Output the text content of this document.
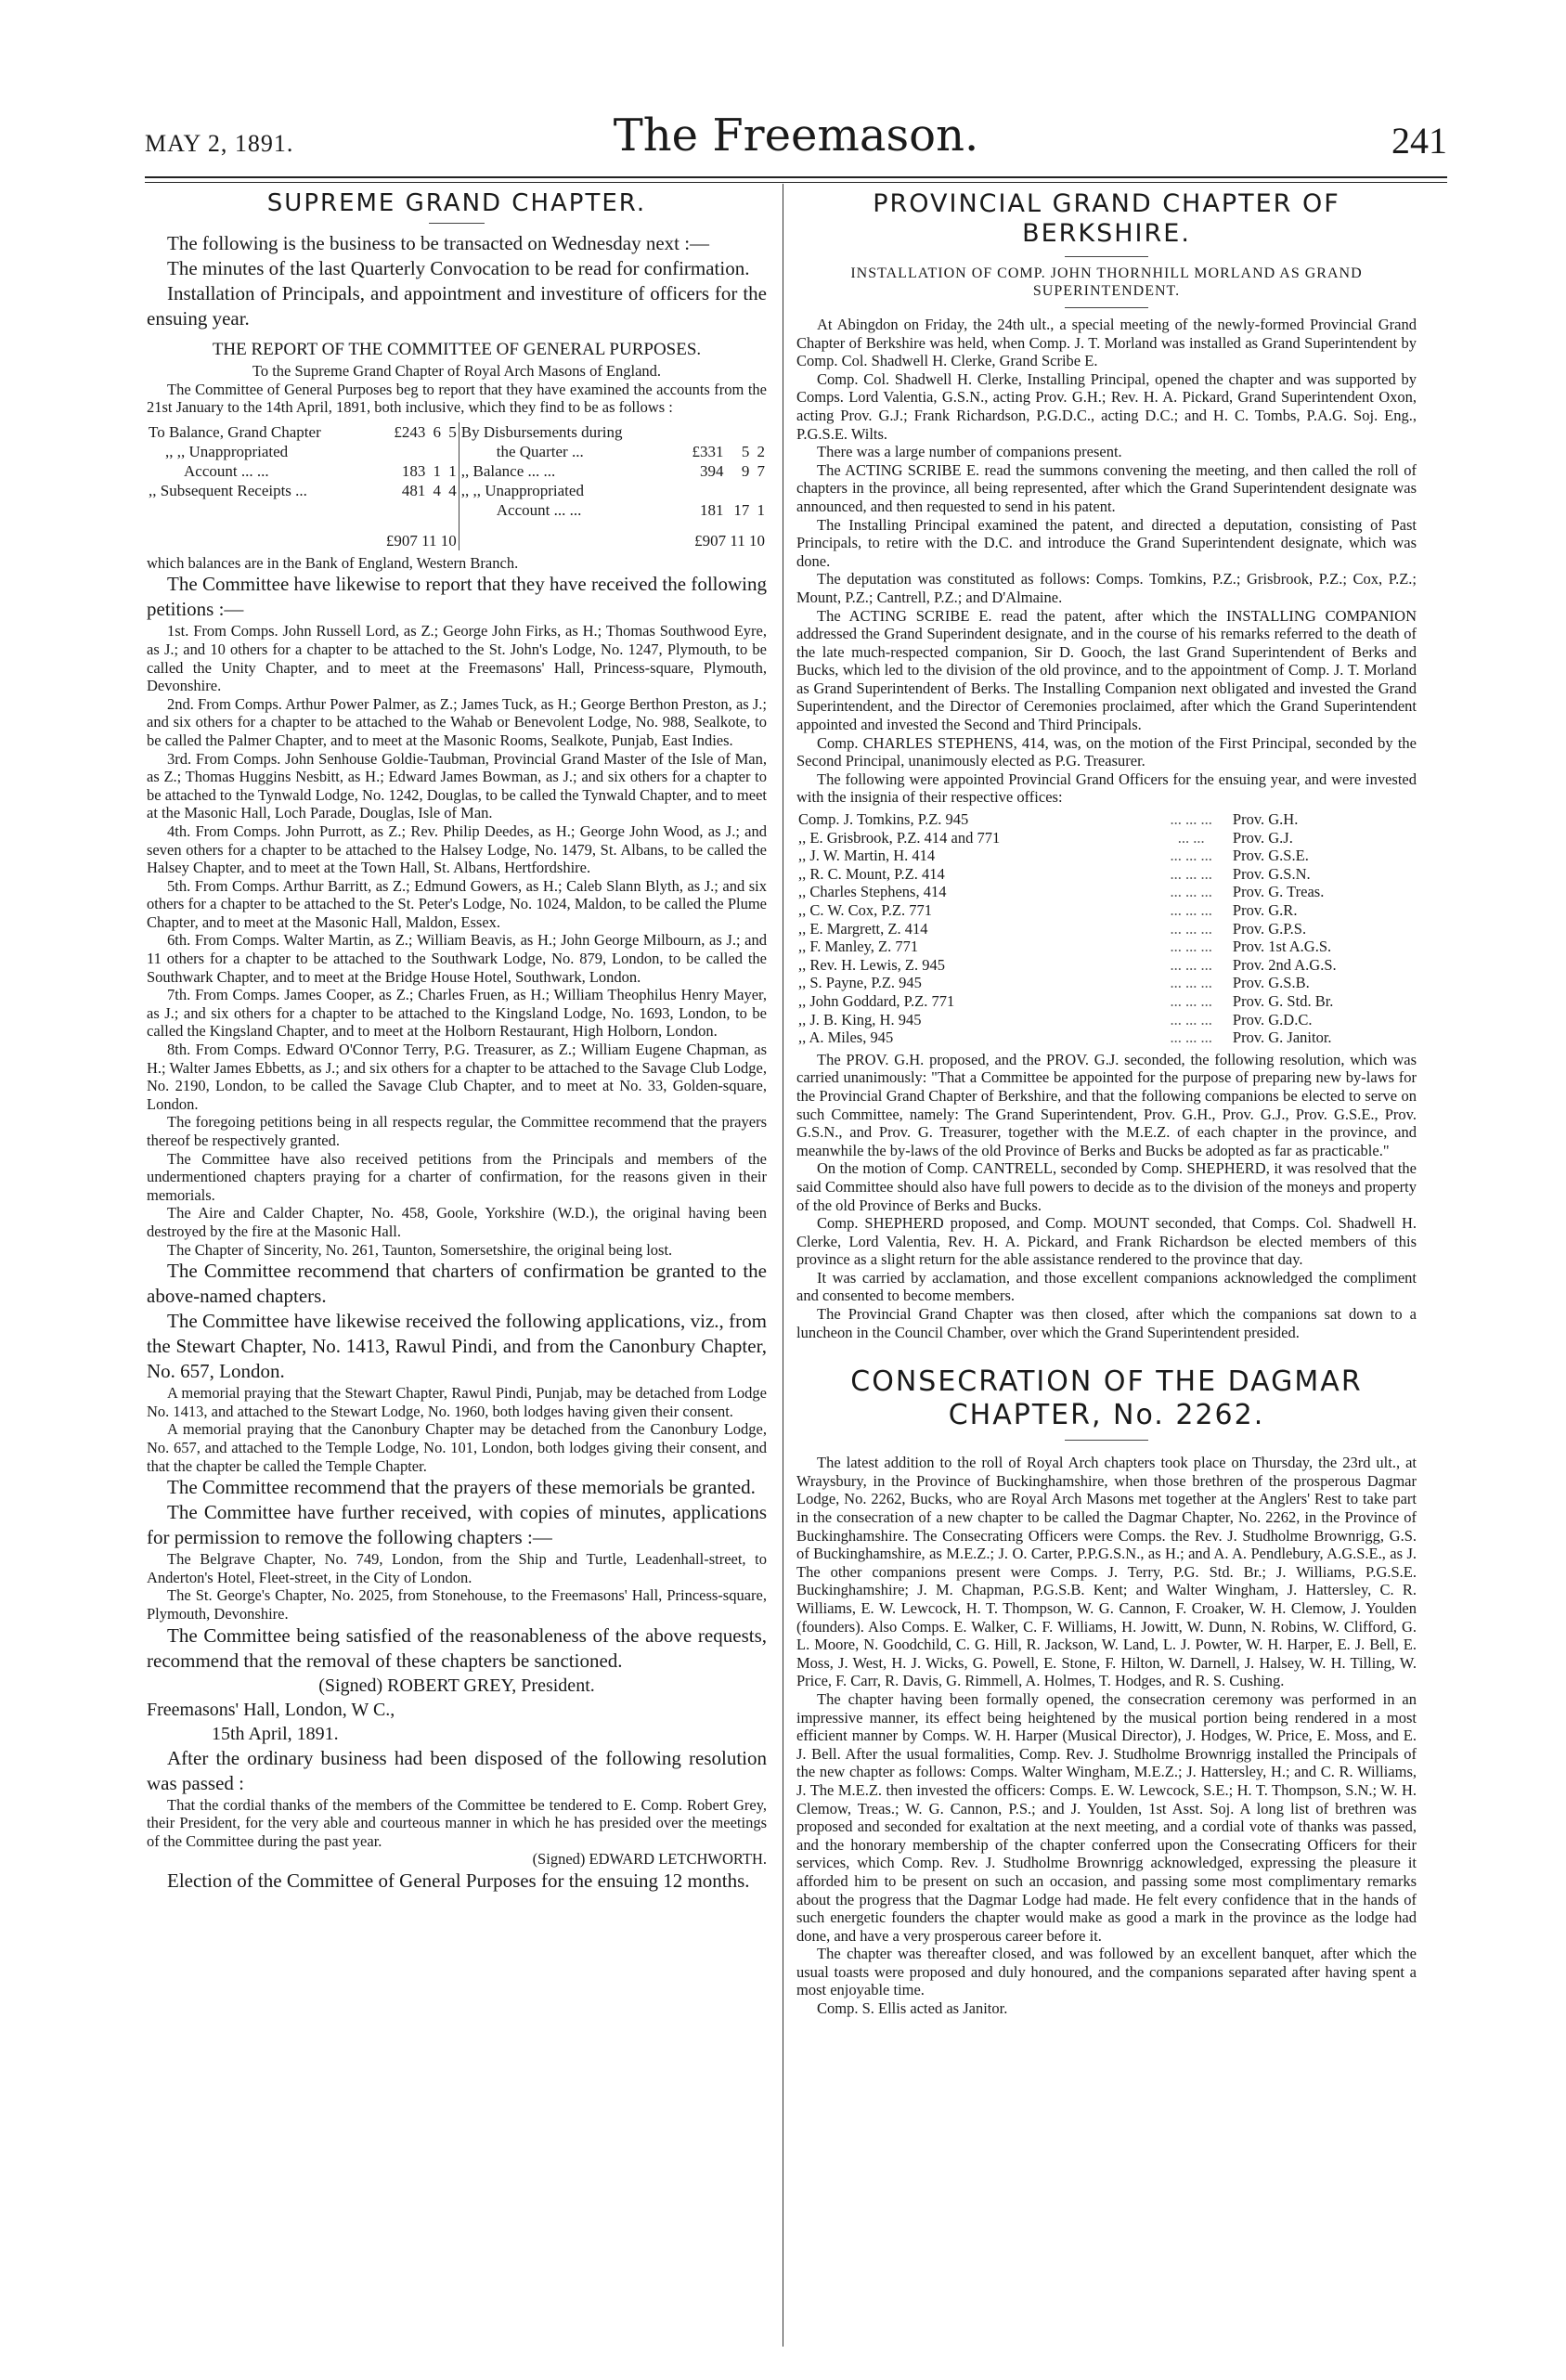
MAY 2, 1891.	The Freemason.	241
SUPREME GRAND CHAPTER.

The following is the business to be transacted on Wednesday next :—

The minutes of the last Quarterly Convocation to be read for confirmation.

Installation of Principals, and appointment and investiture of officers for the ensuing year.

THE REPORT OF THE COMMITTEE OF GENERAL PURPOSES.

To the Supreme Grand Chapter of Royal Arch Masons of England.

The Committee of General Purposes beg to report that they have examined the accounts from the 21st January to the 14th April, 1891, both inclusive, which they find to be as follows :

To Balance, Grand Chapter	£243	6	5	By Disbursements during			
,, ,, Unappropriated				the Quarter ...	£331	5	2
Account ... ...	183	1	1	,, Balance ... ...	394	9	7
,, Subsequent Receipts ...	481	4	4	,, ,, Unappropriated			
				Account ... ...	181	17	1
£907 11 10				£907 11 10			

which balances are in the Bank of England, Western Branch.

The Committee have likewise to report that they have received the following petitions :—

1st. From Comps. John Russell Lord, as Z.; George John Firks, as H.; Thomas Southwood Eyre, as J.; and 10 others for a chapter to be attached to the St. John's Lodge, No. 1247, Plymouth, to be called the Unity Chapter, and to meet at the Freemasons' Hall, Princess-square, Plymouth, Devonshire.

2nd. From Comps. Arthur Power Palmer, as Z.; James Tuck, as H.; George Berthon Preston, as J.; and six others for a chapter to be attached to the Wahab or Benevolent Lodge, No. 988, Sealkote, to be called the Palmer Chapter, and to meet at the Masonic Rooms, Sealkote, Punjab, East Indies.

3rd. From Comps. John Senhouse Goldie-Taubman, Provincial Grand Master of the Isle of Man, as Z.; Thomas Huggins Nesbitt, as H.; Edward James Bowman, as J.; and six others for a chapter to be attached to the Tynwald Lodge, No. 1242, Douglas, to be called the Tynwald Chapter, and to meet at the Masonic Hall, Loch Parade, Douglas, Isle of Man.

4th. From Comps. John Purrott, as Z.; Rev. Philip Deedes, as H.; George John Wood, as J.; and seven others for a chapter to be attached to the Halsey Lodge, No. 1479, St. Albans, to be called the Halsey Chapter, and to meet at the Town Hall, St. Albans, Hertfordshire.

5th. From Comps. Arthur Barritt, as Z.; Edmund Gowers, as H.; Caleb Slann Blyth, as J.; and six others for a chapter to be attached to the St. Peter's Lodge, No. 1024, Maldon, to be called the Plume Chapter, and to meet at the Masonic Hall, Maldon, Essex.

6th. From Comps. Walter Martin, as Z.; William Beavis, as H.; John George Milbourn, as J.; and 11 others for a chapter to be attached to the Southwark Lodge, No. 879, London, to be called the Southwark Chapter, and to meet at the Bridge House Hotel, Southwark, London.

7th. From Comps. James Cooper, as Z.; Charles Fruen, as H.; William Theophilus Henry Mayer, as J.; and six others for a chapter to be attached to the Kingsland Lodge, No. 1693, London, to be called the Kingsland Chapter, and to meet at the Holborn Restaurant, High Holborn, London.

8th. From Comps. Edward O'Connor Terry, P.G. Treasurer, as Z.; William Eugene Chapman, as H.; Walter James Ebbetts, as J.; and six others for a chapter to be attached to the Savage Club Lodge, No. 2190, London, to be called the Savage Club Chapter, and to meet at No. 33, Golden-square, London.

The foregoing petitions being in all respects regular, the Committee recommend that the prayers thereof be respectively granted.

The Committee have also received petitions from the Principals and members of the undermentioned chapters praying for a charter of confirmation, for the reasons given in their memorials.

The Aire and Calder Chapter, No. 458, Goole, Yorkshire (W.D.), the original having been destroyed by the fire at the Masonic Hall.

The Chapter of Sincerity, No. 261, Taunton, Somersetshire, the original being lost.

The Committee recommend that charters of confirmation be granted to the above-named chapters.

The Committee have likewise received the following applications, viz., from the Stewart Chapter, No. 1413, Rawul Pindi, and from the Canonbury Chapter, No. 657, London.

A memorial praying that the Stewart Chapter, Rawul Pindi, Punjab, may be detached from Lodge No. 1413, and attached to the Stewart Lodge, No. 1960, both lodges having given their consent.

A memorial praying that the Canonbury Chapter may be detached from the Canonbury Lodge, No. 657, and attached to the Temple Lodge, No. 101, London, both lodges giving their consent, and that the chapter be called the Temple Chapter.

The Committee recommend that the prayers of these memorials be granted.

The Committee have further received, with copies of minutes, applications for permission to remove the following chapters :—

The Belgrave Chapter, No. 749, London, from the Ship and Turtle, Leadenhall-street, to Anderton's Hotel, Fleet-street, in the City of London.

The St. George's Chapter, No. 2025, from Stonehouse, to the Freemasons' Hall, Princess-square, Plymouth, Devonshire.

The Committee being satisfied of the reasonableness of the above requests, recommend that the removal of these chapters be sanctioned.

(Signed) ROBERT GREY, President.

Freemasons' Hall, London, W C.,

15th April, 1891.

After the ordinary business had been disposed of the following resolution was passed :

That the cordial thanks of the members of the Committee be tendered to E. Comp. Robert Grey, their President, for the very able and courteous manner in which he has presided over the meetings of the Committee during the past year.

(Signed) EDWARD LETCHWORTH.

Election of the Committee of General Purposes for the ensuing 12 months.

PROVINCIAL GRAND CHAPTER OF BERKSHIRE.

INSTALLATION OF COMP. JOHN THORNHILL MORLAND AS GRAND SUPERINTENDENT.

At Abingdon on Friday, the 24th ult., a special meeting of the newly-formed Provincial Grand Chapter of Berkshire was held, when Comp. J. T. Morland was installed as Grand Superintendent by Comp. Col. Shadwell H. Clerke, Grand Scribe E.

Comp. Col. Shadwell H. Clerke, Installing Principal, opened the chapter and was supported by Comps. Lord Valentia, G.S.N., acting Prov. G.H.; Rev. H. A. Pickard, Grand Superintendent Oxon, acting Prov. G.J.; Frank Richardson, P.G.D.C., acting D.C.; and H. C. Tombs, P.A.G. Soj. Eng., P.G.S.E. Wilts.

There was a large number of companions present.

The ACTING SCRIBE E. read the summons convening the meeting, and then called the roll of chapters in the province, all being represented, after which the Grand Superintendent designate was announced, and then requested to send in his patent.

The Installing Principal examined the patent, and directed a deputation, consisting of Past Principals, to retire with the D.C. and introduce the Grand Superintendent designate, which was done.

The deputation was constituted as follows: Comps. Tomkins, P.Z.; Grisbrook, P.Z.; Cox, P.Z.; Mount, P.Z.; Cantrell, P.Z.; and D'Almaine.

The ACTING SCRIBE E. read the patent, after which the INSTALLING COMPANION addressed the Grand Superindent designate, and in the course of his remarks referred to the death of the late much-respected companion, Sir D. Gooch, the last Grand Superintendent of Berks and Bucks, which led to the division of the old province, and to the appointment of Comp. J. T. Morland as Grand Superintendent of Berks. The Installing Companion next obligated and invested the Grand Superintendent, and the Director of Ceremonies proclaimed, after which the Grand Superintendent appointed and invested the Second and Third Principals.

Comp. CHARLES STEPHENS, 414, was, on the motion of the First Principal, seconded by the Second Principal, unanimously elected as P.G. Treasurer.

The following were appointed Provincial Grand Officers for the ensuing year, and were invested with the insignia of their respective offices:

Comp. J. Tomkins, P.Z. 945	... ... ...	Prov. G.H.
,, E. Grisbrook, P.Z. 414 and 771	... ...	Prov. G.J.
,, J. W. Martin, H. 414	... ... ...	Prov. G.S.E.
,, R. C. Mount, P.Z. 414	... ... ...	Prov. G.S.N.
,, Charles Stephens, 414	... ... ...	Prov. G. Treas.
,, C. W. Cox, P.Z. 771	... ... ...	Prov. G.R.
,, E. Margrett, Z. 414	... ... ...	Prov. G.P.S.
,, F. Manley, Z. 771	... ... ...	Prov. 1st A.G.S.
,, Rev. H. Lewis, Z. 945	... ... ...	Prov. 2nd A.G.S.
,, S. Payne, P.Z. 945	... ... ...	Prov. G.S.B.
,, John Goddard, P.Z. 771	... ... ...	Prov. G. Std. Br.
,, J. B. King, H. 945	... ... ...	Prov. G.D.C.
,, A. Miles, 945	... ... ...	Prov. G. Janitor.

The PROV. G.H. proposed, and the PROV. G.J. seconded, the following resolution, which was carried unanimously: "That a Committee be appointed for the purpose of preparing new by-laws for the Provincial Grand Chapter of Berkshire, and that the following companions be elected to serve on such Committee, namely: The Grand Superintendent, Prov. G.H., Prov. G.J., Prov. G.S.E., Prov. G.S.N., and Prov. G. Treasurer, together with the M.E.Z. of each chapter in the province, and meanwhile the by-laws of the old Province of Berks and Bucks be adopted as far as practicable."

On the motion of Comp. CANTRELL, seconded by Comp. SHEPHERD, it was resolved that the said Committee should also have full powers to decide as to the division of the moneys and property of the old Province of Berks and Bucks.

Comp. SHEPHERD proposed, and Comp. MOUNT seconded, that Comps. Col. Shadwell H. Clerke, Lord Valentia, Rev. H. A. Pickard, and Frank Richardson be elected members of this province as a slight return for the able assistance rendered to the province that day.

It was carried by acclamation, and those excellent companions acknowledged the compliment and consented to become members.

The Provincial Grand Chapter was then closed, after which the companions sat down to a luncheon in the Council Chamber, over which the Grand Superintendent presided.

CONSECRATION OF THE DAGMAR CHAPTER, No. 2262.

The latest addition to the roll of Royal Arch chapters took place on Thursday, the 23rd ult., at Wraysbury, in the Province of Buckinghamshire, when those brethren of the prosperous Dagmar Lodge, No. 2262, Bucks, who are Royal Arch Masons met together at the Anglers' Rest to take part in the consecration of a new chapter to be called the Dagmar Chapter, No. 2262, in the Province of Buckinghamshire. The Consecrating Officers were Comps. the Rev. J. Studholme Brownrigg, G.S. of Buckinghamshire, as M.E.Z.; J. O. Carter, P.P.G.S.N., as H.; and A. A. Pendlebury, A.G.S.E., as J. The other companions present were Comps. J. Terry, P.G. Std. Br.; J. Williams, P.G.S.E. Buckinghamshire; J. M. Chapman, P.G.S.B. Kent; and Walter Wingham, J. Hattersley, C. R. Williams, E. W. Lewcock, H. T. Thompson, W. G. Cannon, F. Croaker, W. H. Clemow, J. Youlden (founders). Also Comps. E. Walker, C. F. Williams, H. Jowitt, W. Dunn, N. Robins, W. Clifford, G. L. Moore, N. Goodchild, C. G. Hill, R. Jackson, W. Land, L. J. Powter, W. H. Harper, E. J. Bell, E. Moss, J. West, H. J. Wicks, G. Powell, E. Stone, F. Hilton, W. Darnell, J. Halsey, W. H. Tilling, W. Price, F. Carr, R. Davis, G. Rimmell, A. Holmes, T. Hodges, and R. S. Cushing.

The chapter having been formally opened, the consecration ceremony was performed in an impressive manner, its effect being heightened by the musical portion being rendered in a most efficient manner by Comps. W. H. Harper (Musical Director), J. Hodges, W. Price, E. Moss, and E. J. Bell. After the usual formalities, Comp. Rev. J. Studholme Brownrigg installed the Principals of the new chapter as follows: Comps. Walter Wingham, M.E.Z.; J. Hattersley, H.; and C. R. Williams, J. The M.E.Z. then invested the officers: Comps. E. W. Lewcock, S.E.; H. T. Thompson, S.N.; W. H. Clemow, Treas.; W. G. Cannon, P.S.; and J. Youlden, 1st Asst. Soj. A long list of brethren was proposed and seconded for exaltation at the next meeting, and a cordial vote of thanks was passed, and the honorary membership of the chapter conferred upon the Consecrating Officers for their services, which Comp. Rev. J. Studholme Brownrigg acknowledged, expressing the pleasure it afforded him to be present on such an occasion, and passing some most complimentary remarks about the progress that the Dagmar Lodge had made. He felt every confidence that in the hands of such energetic founders the chapter would make as good a mark in the province as the lodge had done, and have a very prosperous career before it.

The chapter was thereafter closed, and was followed by an excellent banquet, after which the usual toasts were proposed and duly honoured, and the companions separated after having spent a most enjoyable time.

Comp. S. Ellis acted as Janitor.
